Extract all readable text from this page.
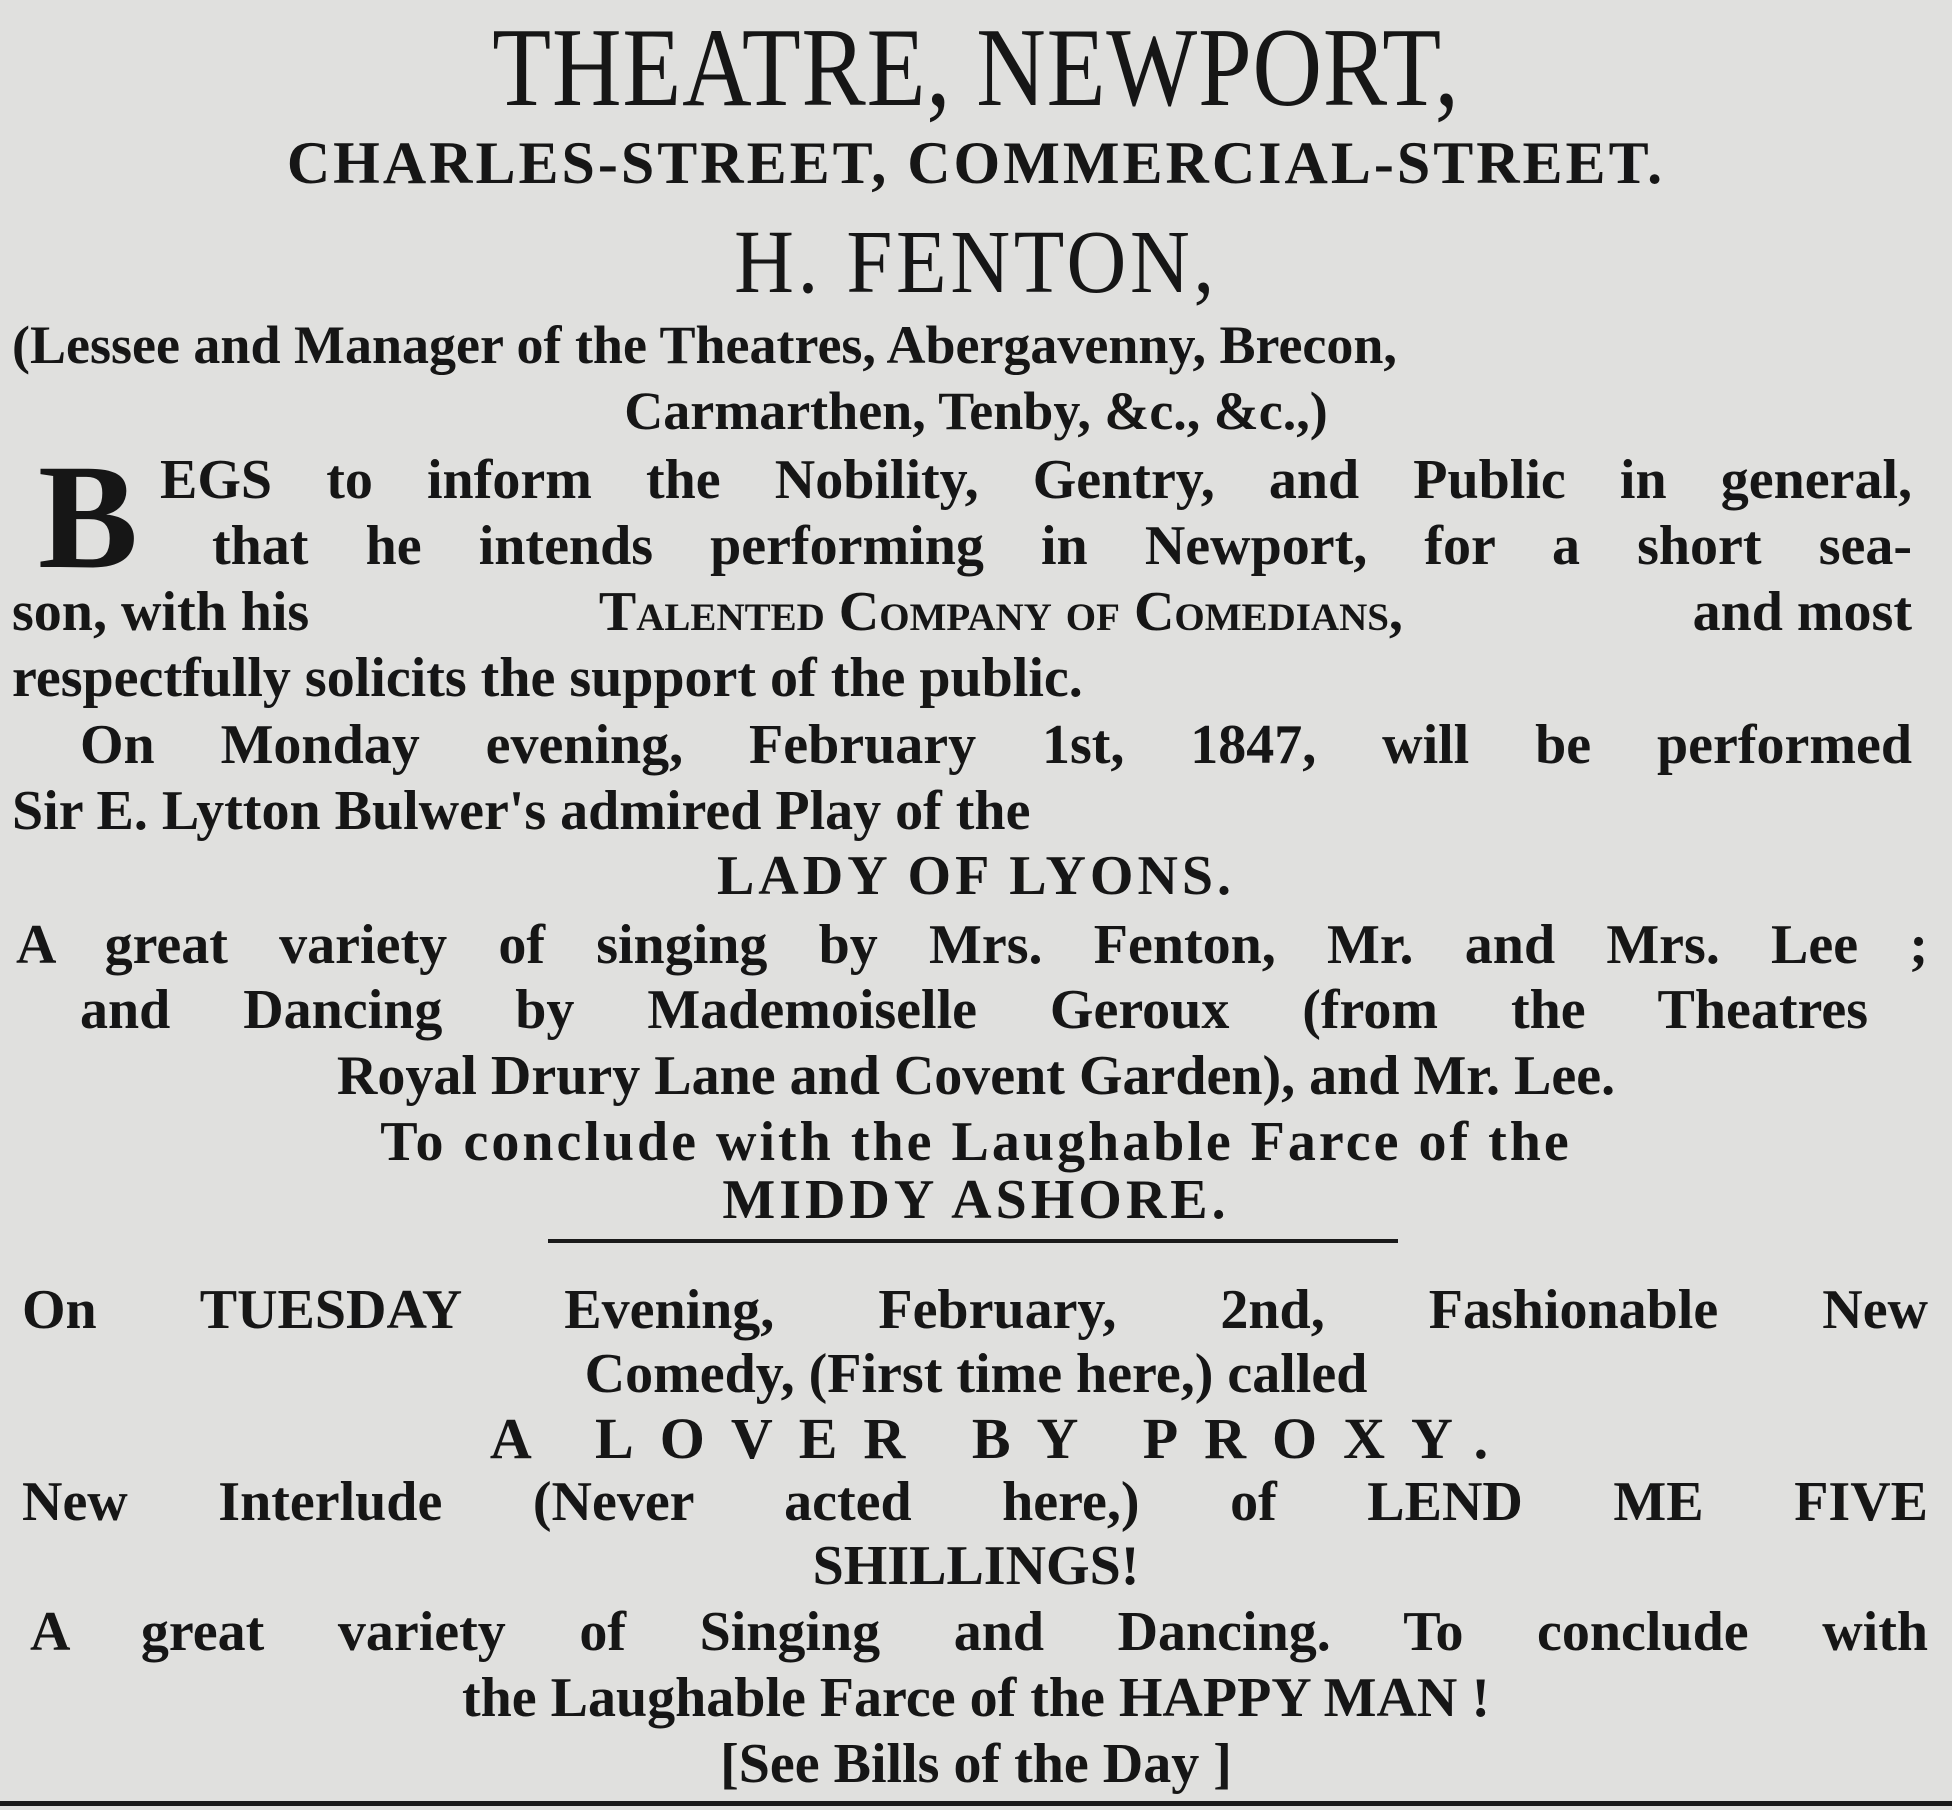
THEATRE, NEWPORT,
CHARLES-STREET, COMMERCIAL-STREET.
H. FENTON,
(Lessee and Manager of the Theatres, Abergavenny, Brecon,
Carmarthen, Tenby, &c., &c.,)
B EGS to inform the Nobility, Gentry, and Public in general,
that he intends performing in Newport, for a short sea-
son, with his	Talented Company of Comedians,	and most
respectfully solicits the support of the public.
On Monday evening, February 1st, 1847, will be performed
Sir E. Lytton Bulwer's admired Play of the
LADY OF LYONS.
A great variety of singing by Mrs. Fenton, Mr. and Mrs. Lee ;
and Dancing by Mademoiselle Geroux (from the Theatres
Royal Drury Lane and Covent Garden), and Mr. Lee.
To conclude with the Laughable Farce of the
MIDDY ASHORE.
On TUESDAY Evening, February, 2nd, Fashionable New
Comedy, (First time here,) called
A LOVER BY PROXY.
New Interlude (Never acted here,) of LEND ME FIVE
SHILLINGS!
A great variety of Singing and Dancing. To conclude with
the Laughable Farce of the HAPPY MAN !
[See Bills of the Day ]
